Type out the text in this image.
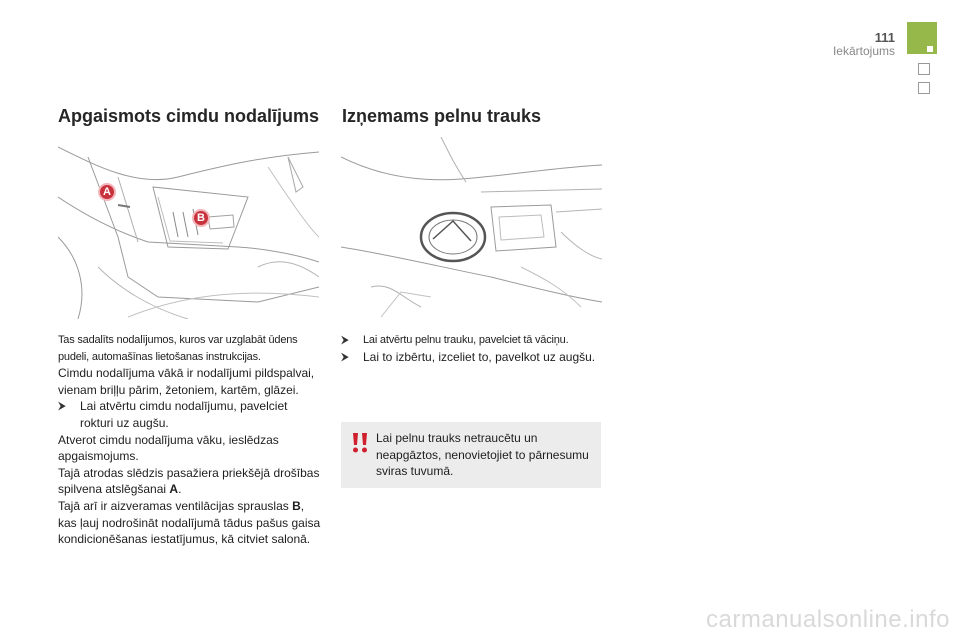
111
Iekārtojums
Apgaismots cimdu nodalījums Izņemams pelnu trauks
A
B

Tas sadalīts nodalījumos, kuros var uzglabāt ūdens pudeli, automašīnas lietošanas instrukcijas.

Cimdu nodalījuma vākā ir nodalījumi pildspalvai, vienam briļļu pārim, žetoniem, kartēm, glāzei.

⮞ Lai atvērtu cimdu nodalījumu, pavelciet rokturi uz augšu.

Atverot cimdu nodalījuma vāku, ieslēdzas apgaismojums.

Tajā atrodas slēdzis pasažiera priekšējā drošības spilvena atslēgšanai A.

Tajā arī ir aizveramas ventilācijas sprauslas B, kas ļauj nodrošināt nodalījumā tādus pašus gaisa kondicionēšanas iestatījumus, kā citviet salonā.

⮞ Lai atvērtu pelnu trauku, pavelciet tā vāciņu.

⮞ Lai to izbērtu, izceliet to, pavelkot uz augšu.

Lai pelnu trauks netraucētu un neapgāztos, nenovietojiet to pārnesumu sviras tuvumā.
carmanualsonline.info
